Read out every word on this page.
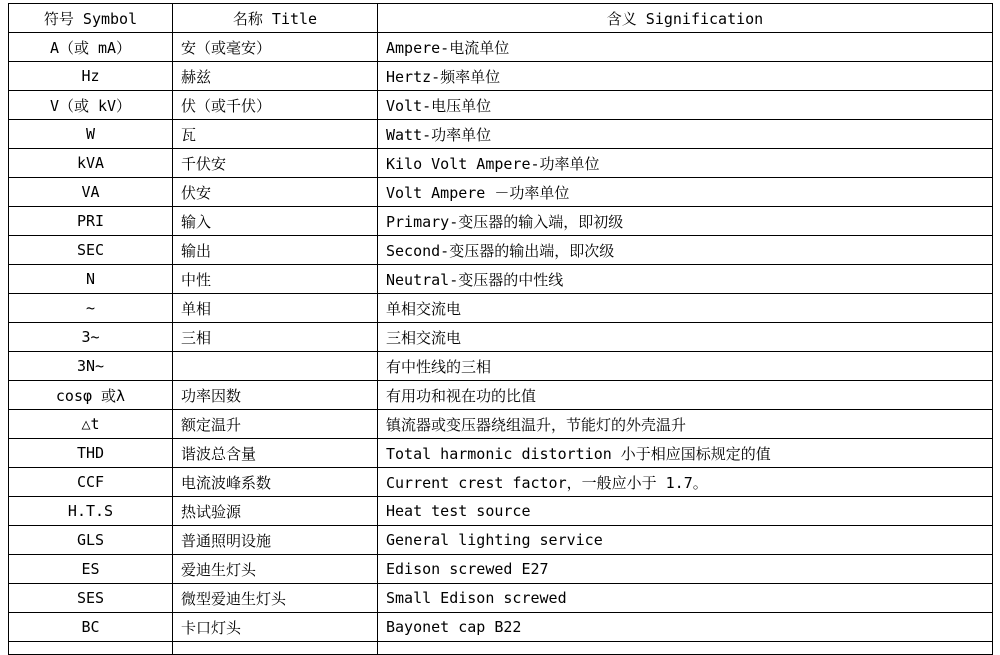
符号 Symbol	名称 Title	含义 Signification
A（或 mA）	安（或毫安）	Ampere-电流单位
Hz	赫兹	Hertz-频率单位
V（或 kV）	伏（或千伏）	Volt-电压单位
W	瓦	Watt-功率单位
kVA	千伏安	Kilo Volt Ampere-功率单位
VA	伏安	Volt Ampere －功率单位
PRI	输入	Primary-变压器的输入端，即初级
SEC	输出	Second-变压器的输出端，即次级
N	中性	Neutral-变压器的中性线
~	单相	单相交流电
3~	三相	三相交流电
3N~		有中性线的三相
cosφ 或λ	功率因数	有用功和视在功的比值
△t	额定温升	镇流器或变压器绕组温升，节能灯的外壳温升
THD	谐波总含量	Total harmonic distortion 小于相应国标规定的值
CCF	电流波峰系数	Current crest factor，一般应小于 1.7。
H.T.S	热试验源	Heat test source
GLS	普通照明设施	General lighting service
ES	爱迪生灯头	Edison screwed E27
SES	微型爱迪生灯头	Small Edison screwed
BC	卡口灯头	Bayonet cap B22
